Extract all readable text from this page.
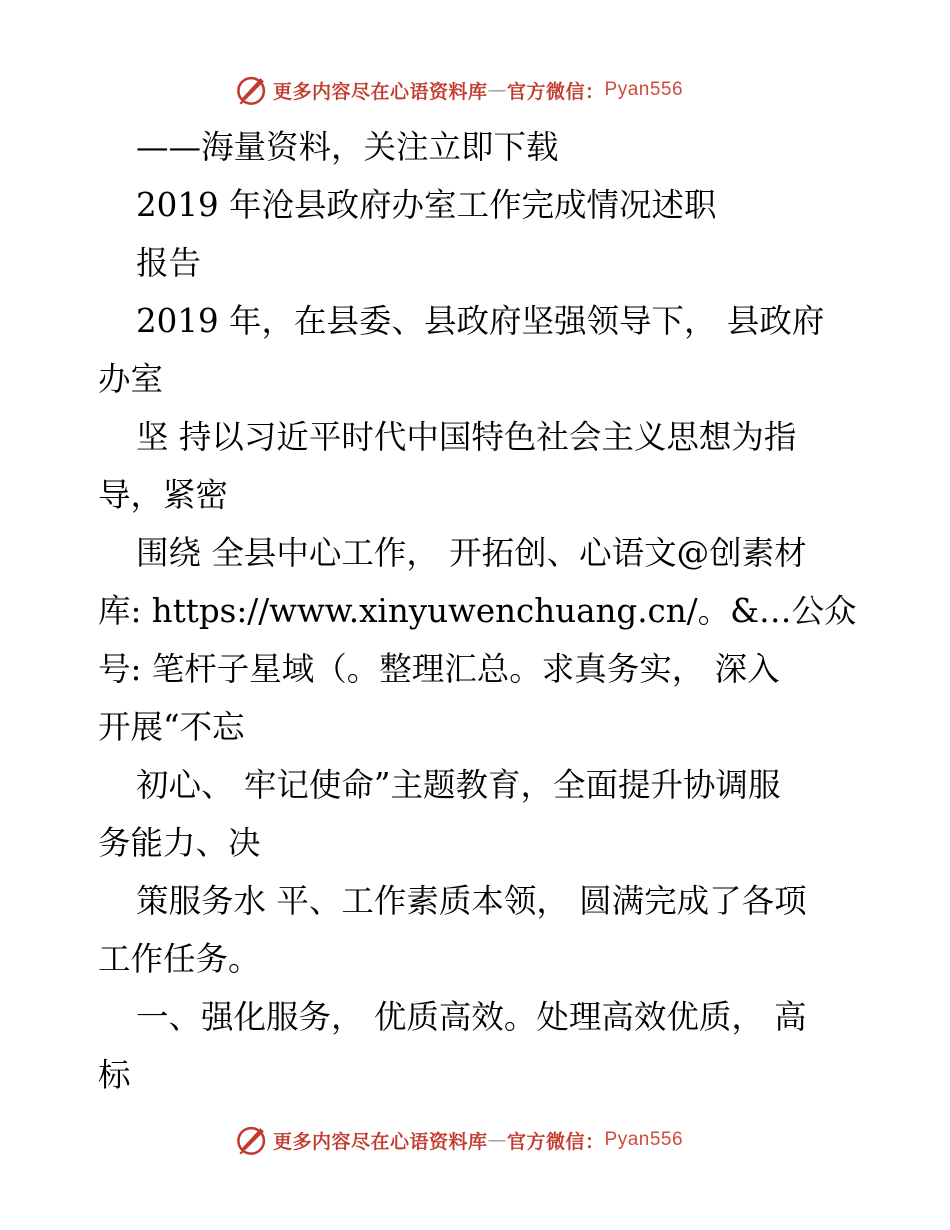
更多内容尽在心语资料库 — 官方微信： Pyan556
——海量资料，关注立即下载
2019 年沧县政府办室工作完成情况述职
报告
2019 年，在县委、县政府坚强领导下， 县政府
办室
坚 持以习近平时代中国特色社会主义思想为指
导，紧密
围绕 全县中心工作， 开拓创、心语文@创素材
库: https://www.xinyuwenchuang.cn/。&…公众
号: 笔杆子星域（。整理汇总。求真务实， 深入
开展“不忘
初心、 牢记使命”主题教育，全面提升协调服
务能力、决
策服务水 平、工作素质本领， 圆满完成了各项
工作任务。
一、强化服务， 优质高效。处理高效优质， 高
标
更多内容尽在心语资料库 — 官方微信： Pyan556
